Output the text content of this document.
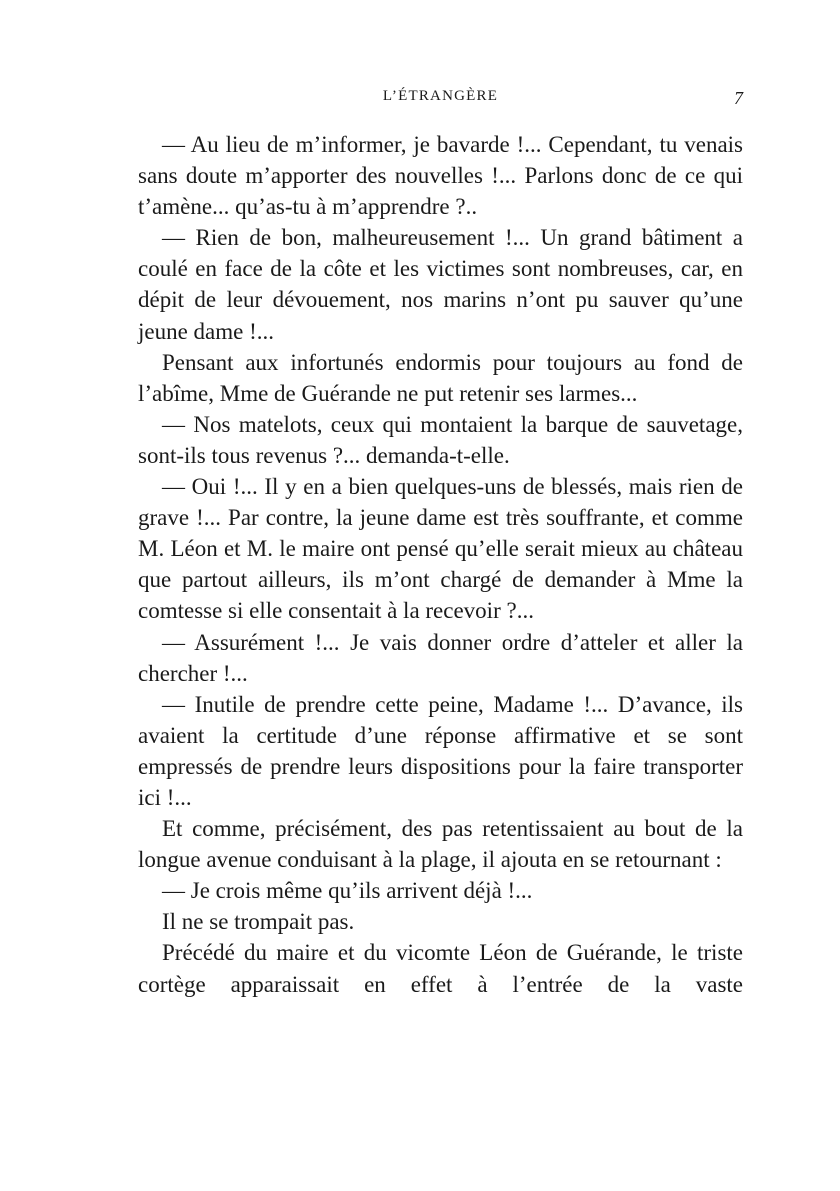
L’ÉTRANGÈRE	7

— Au lieu de m’informer, je bavarde !... Cependant, tu venais sans doute m’apporter des nouvelles !... Parlons donc de ce qui t’amène... qu’as-tu à m’apprendre ?..

— Rien de bon, malheureusement !... Un grand bâtiment a coulé en face de la côte et les victimes sont nombreuses, car, en dépit de leur dévouement, nos marins n’ont pu sauver qu’une jeune dame !...

Pensant aux infortunés endormis pour toujours au fond de l’abîme, Mme de Guérande ne put retenir ses larmes...

— Nos matelots, ceux qui montaient la barque de sauvetage, sont-ils tous revenus ?... demanda-t-elle.

— Oui !... Il y en a bien quelques-uns de blessés, mais rien de grave !... Par contre, la jeune dame est très souffrante, et comme M. Léon et M. le maire ont pensé qu’elle serait mieux au château que partout ailleurs, ils m’ont chargé de demander à Mme la comtesse si elle consentait à la recevoir ?...

— Assurément !... Je vais donner ordre d’atteler et aller la chercher !...

— Inutile de prendre cette peine, Madame !... D’avance, ils avaient la certitude d’une réponse affirmative et se sont empressés de prendre leurs dispositions pour la faire transporter ici !...

Et comme, précisément, des pas retentissaient au bout de la longue avenue conduisant à la plage, il ajouta en se retournant :

— Je crois même qu’ils arrivent déjà !...

Il ne se trompait pas.

Précédé du maire et du vicomte Léon de Guérande, le triste cortège apparaissait en effet à l’entrée de la vaste
